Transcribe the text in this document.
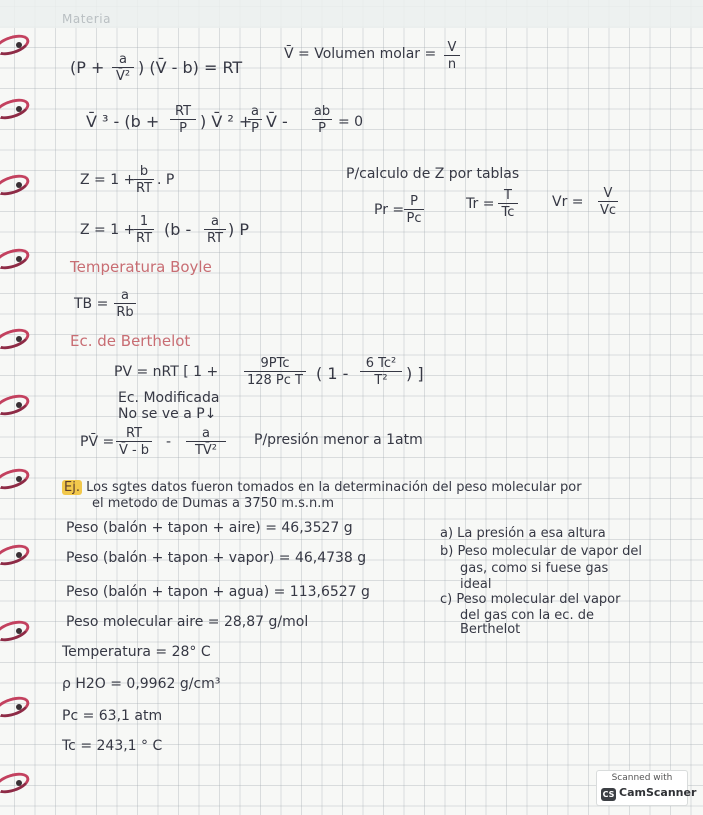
Materia
($P + \frac{a}{\text{V̄²}}$ ) (V̄ - b) = RT
V̄ = Volumen molar = $\frac{V}{n}$
V̄ $^3 - (b + \frac{RT}{P}$ ) V̄ ² +
$\frac{a}{P}$ V̄ - $\frac{ab}{P} = 0$
Z = 1 +
$\frac{b}{RT}$ . P
Z = 1 +
$\frac{1}{RT} (b - \frac{a}{RT}$ ) P
P/calculo de Z por tablas
$Pr = \frac{P}{Pc}$	$Tr = \frac{T}{Tc}$ $Vr = \frac{V}{Vc}$
Temperatura Boyle
TB = $\frac{a}{Rb}$
Ec. de Berthelot
PV = nRT [ 1 +
9PTc
128 Pc T ( $1 - \frac{\text{6 Tc²}}{\text{T²}}$ ) ]
Ec. Modificada
No se ve a P↓
PV̄ = $\frac{RT}{V̄ - b} - \frac{a}{\text{TV̄²}}$ P/presión menor a 1atm
Ej. Los sgtes datos fueron tomados en la determinación del peso molecular por
el metodo de Dumas a 3750 m.s.n.m
Peso (balón + tapon + aire) = 46,3527 g
Peso (balón + tapon + vapor) = 46,4738 g
Peso (balón + tapon + agua) = 113,6527 g
Peso molecular aire = 28,87 g/mol
Temperatura = 28° C
ρ H2O = 0,9962 g/cm³
Pc = 63,1 atm
Tc = 243,1 ° C
a) La presión a esa altura
b) Peso molecular de vapor del
gas, como si fuese gas
ideal
c) Peso molecular del vapor
del gas con la ec. de
Berthelot
Scanned with
CS CamScanner
